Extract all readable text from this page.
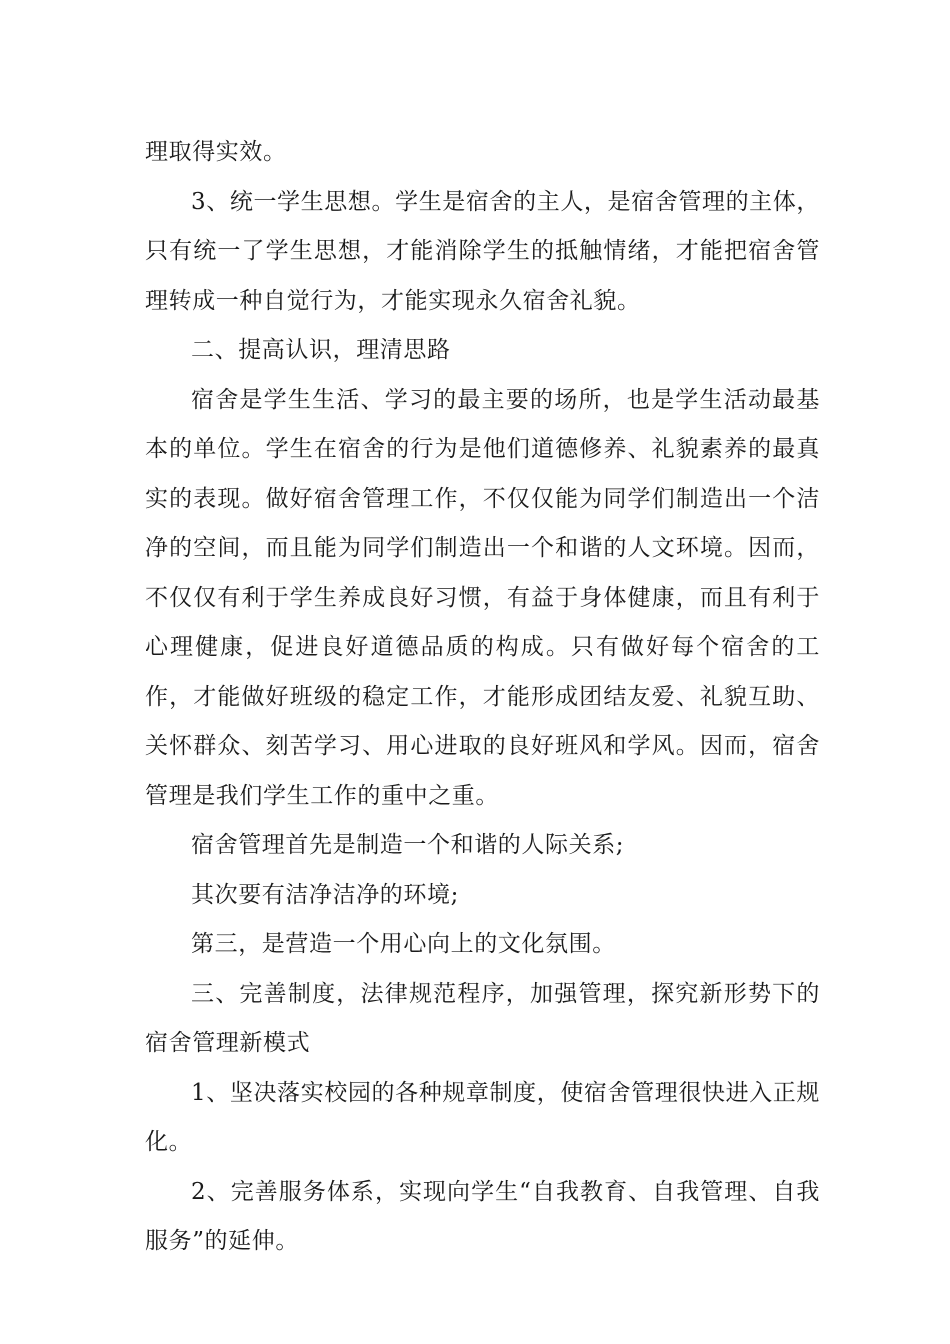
理取得实效。

3、统一学生思想。学生是宿舍的主人，是宿舍管理的主体，只有统一了学生思想，才能消除学生的抵触情绪，才能把宿舍管理转成一种自觉行为，才能实现永久宿舍礼貌。

二、提高认识，理清思路

宿舍是学生生活、学习的最主要的场所，也是学生活动最基本的单位。学生在宿舍的行为是他们道德修养、礼貌素养的最真实的表现。做好宿舍管理工作，不仅仅能为同学们制造出一个洁净的空间，而且能为同学们制造出一个和谐的人文环境。因而，不仅仅有利于学生养成良好习惯，有益于身体健康，而且有利于心理健康，促进良好道德品质的构成。只有做好每个宿舍的工作，才能做好班级的稳定工作，才能形成团结友爱、礼貌互助、关怀群众、刻苦学习、用心进取的良好班风和学风。因而，宿舍管理是我们学生工作的重中之重。

宿舍管理首先是制造一个和谐的人际关系;

其次要有洁净洁净的环境;

第三，是营造一个用心向上的文化氛围。

三、完善制度，法律规范程序，加强管理，探究新形势下的宿舍管理新模式

1、坚决落实校园的各种规章制度，使宿舍管理很快进入正规化。

2、完善服务体系，实现向学生“自我教育、自我管理、自我服务”的延伸。
